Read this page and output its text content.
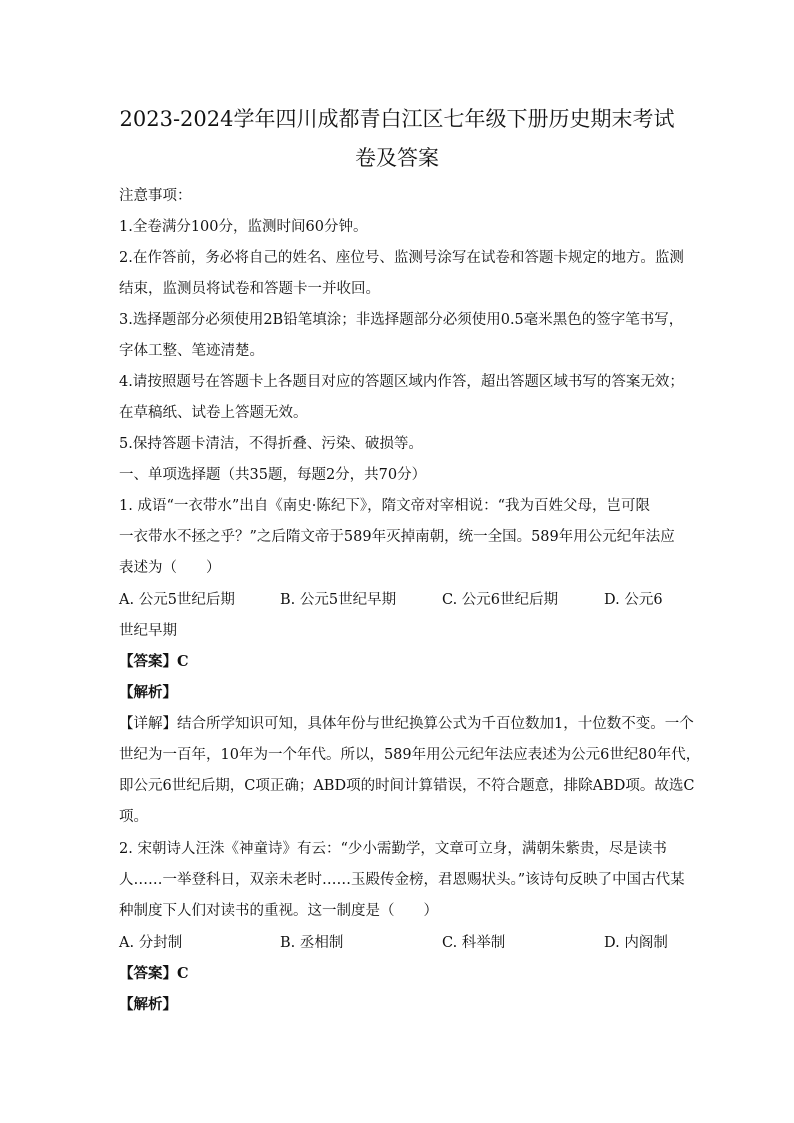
2023-2024学年四川成都青白江区七年级下册历史期末考试
卷及答案
注意事项：
1.全卷满分100分，监测时间60分钟。
2.在作答前，务必将自己的姓名、座位号、监测号涂写在试卷和答题卡规定的地方。监测
结束，监测员将试卷和答题卡一并收回。
3.选择题部分必须使用2B铅笔填涂；非选择题部分必须使用0.5毫米黑色的签字笔书写，
字体工整、笔迹清楚。
4.请按照题号在答题卡上各题目对应的答题区域内作答，超出答题区域书写的答案无效；
在草稿纸、试卷上答题无效。
5.保持答题卡清洁，不得折叠、污染、破损等。
一、单项选择题（共35题，每题2分，共70分）
1. 成语“一衣带水”出自《南史·陈纪下》，隋文帝对宰相说：“我为百姓父母，岂可限
一衣带水不拯之乎？”之后隋文帝于589年灭掉南朝，统一全国。589年用公元纪年法应
表述为（　　）
A. 公元5世纪后期	B. 公元5世纪早期	C. 公元6世纪后期	D. 公元6
世纪早期
【答案】C
【解析】
【详解】结合所学知识可知，具体年份与世纪换算公式为千百位数加1，十位数不变。一个
世纪为一百年，10年为一个年代。所以，589年用公元纪年法应表述为公元6世纪80年代，
即公元6世纪后期，C项正确；ABD项的时间计算错误，不符合题意，排除ABD项。故选C
项。
2. 宋朝诗人汪洙《神童诗》有云：“少小需勤学，文章可立身，满朝朱紫贵，尽是读书
人……一举登科日，双亲未老时……玉殿传金榜，君恩赐状头。”该诗句反映了中国古代某
种制度下人们对读书的重视。这一制度是（　　）
A. 分封制	B. 丞相制	C. 科举制	D. 内阁制
【答案】C
【解析】
